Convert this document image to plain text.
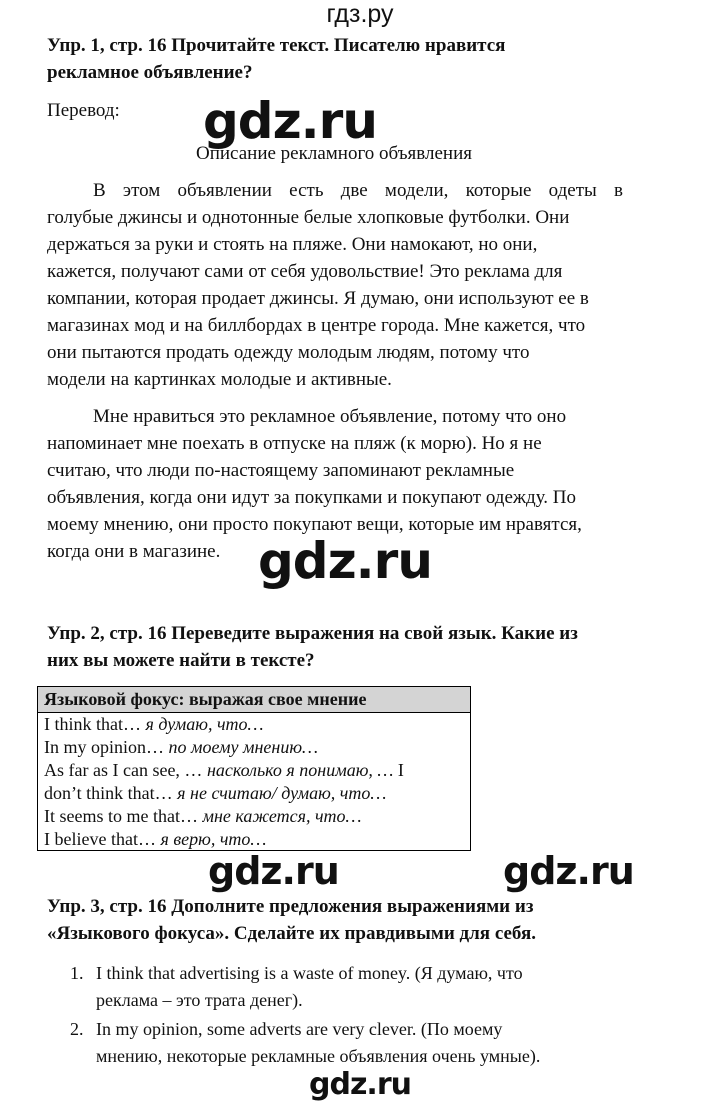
гдз.ру
Упр. 1, стр. 16 Прочитайте текст. Писателю нравится
рекламное объявление?
Перевод: gdz.ru
Описание рекламного объявления
В этом объявлении есть две модели, которые одеты в
голубые джинсы и однотонные белые хлопковые футболки. Они
держаться за руки и стоять на пляже. Они намокают, но они,
кажется, получают сами от себя удовольствие! Это реклама для
компании, которая продает джинсы. Я думаю, они используют ее в
магазинах мод и на биллбордах в центре города. Мне кажется, что
они пытаются продать одежду молодым людям, потому что
модели на картинках молодые и активные.
Мне нравиться это рекламное объявление, потому что оно
напоминает мне поехать в отпуске на пляж (к морю). Но я не
считаю, что люди по-настоящему запоминают рекламные
объявления, когда они идут за покупками и покупают одежду. По
моему мнению, они просто покупают вещи, которые им нравятся,
когда они в магазине. gdz.ru
Упр. 2, стр. 16 Переведите выражения на свой язык. Какие из
них вы можете найти в тексте?
Языковой фокус: выражая свое мнение
I think that… я думаю, что…
In my opinion… по моему мнению…
As far as I can see, … насколько я понимаю, … I
don’t think that… я не считаю/ думаю, что…
It seems to me that… мне кажется, что…
I believe that… я верю, что…
gdz.ru	gdz.ru
Упр. 3, стр. 16 Дополните предложения выражениями из
«Языкового фокуса». Сделайте их правдивыми для себя.
1. I think that advertising is a waste of money. (Я думаю, что
реклама – это трата денег).
2. In my opinion, some adverts are very clever. (По моему
мнению, некоторые рекламные объявления очень умные).
gdz.ru
